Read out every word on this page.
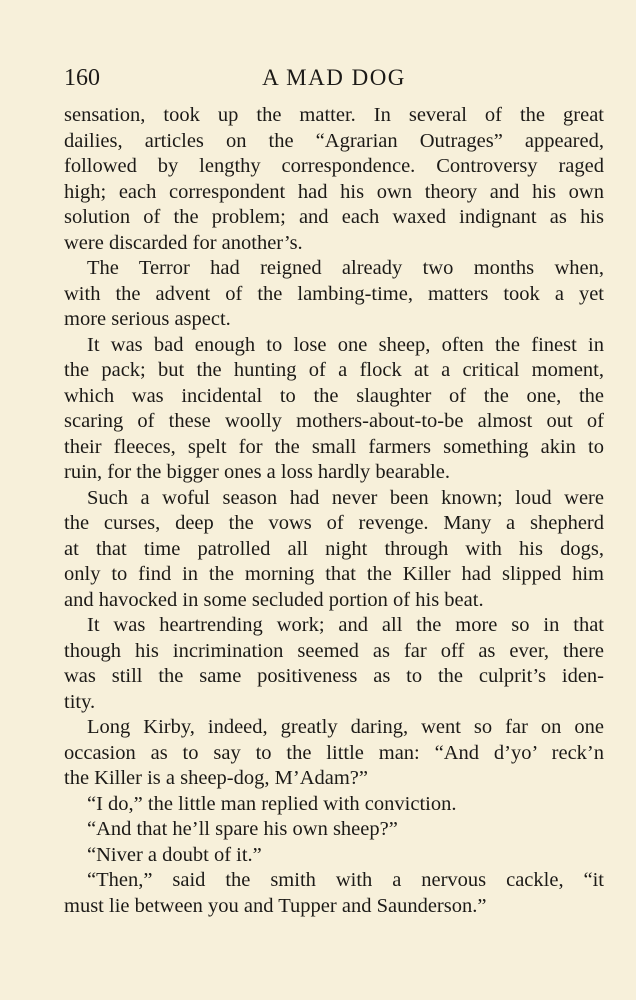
160	A MAD DOG
sensation, took up the matter. In several of the great
dailies, articles on the “Agrarian Outrages” appeared,
followed by lengthy correspondence. Controversy raged
high; each correspondent had his own theory and his own
solution of the problem; and each waxed indignant as his
were discarded for another’s.
The Terror had reigned already two months when,
with the advent of the lambing-time, matters took a yet
more serious aspect.
It was bad enough to lose one sheep, often the finest in
the pack; but the hunting of a flock at a critical moment,
which was incidental to the slaughter of the one, the
scaring of these woolly mothers-about-to-be almost out of
their fleeces, spelt for the small farmers something akin to
ruin, for the bigger ones a loss hardly bearable.
Such a woful season had never been known; loud were
the curses, deep the vows of revenge. Many a shepherd
at that time patrolled all night through with his dogs,
only to find in the morning that the Killer had slipped him
and havocked in some secluded portion of his beat.
It was heartrending work; and all the more so in that
though his incrimination seemed as far off as ever, there
was still the same positiveness as to the culprit’s iden-
tity.
Long Kirby, indeed, greatly daring, went so far on one
occasion as to say to the little man: “And d’yo’ reck’n
the Killer is a sheep-dog, M’Adam?”
“I do,” the little man replied with conviction.
“And that he’ll spare his own sheep?”
“Niver a doubt of it.”
“Then,” said the smith with a nervous cackle, “it
must lie between you and Tupper and Saunderson.”
